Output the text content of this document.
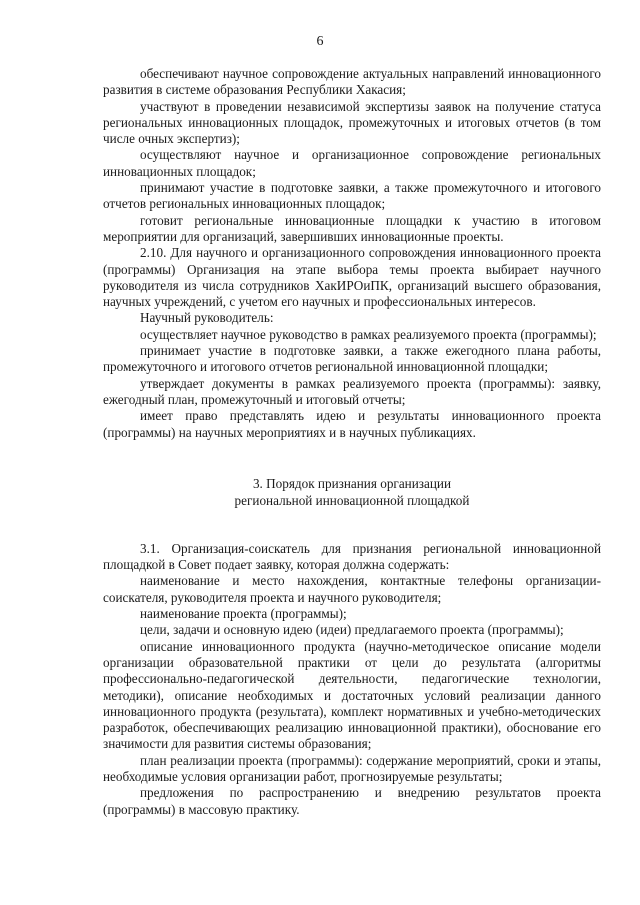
6

обеспечивают научное сопровождение актуальных направлений инновационного развития в системе образования Республики Хакасия;

участвуют в проведении независимой экспертизы заявок на получение статуса региональных инновационных площадок, промежуточных и итоговых отчетов (в том числе очных экспертиз);

осуществляют научное и организационное сопровождение региональных инновационных площадок;

принимают участие в подготовке заявки, а также промежуточного и итогового отчетов региональных инновационных площадок;

готовит региональные инновационные площадки к участию в итоговом мероприятии для организаций, завершивших инновационные проекты.

2.10. Для научного и организационного сопровождения инновационного проекта (программы) Организация на этапе выбора темы проекта выбирает научного руководителя из числа сотрудников ХакИРОиПК, организаций высшего образования, научных учреждений, с учетом его научных и профессиональных интересов.

Научный руководитель:

осуществляет научное руководство в рамках реализуемого проекта (программы);

принимает участие в подготовке заявки, а также ежегодного плана работы, промежуточного и итогового отчетов региональной инновационной площадки;

утверждает документы в рамках реализуемого проекта (программы): заявку, ежегодный план, промежуточный и итоговый отчеты;

имеет право представлять идею и результаты инновационного проекта (программы) на научных мероприятиях и в научных публикациях.

3. Порядок признания организации
региональной инновационной площадкой

3.1. Организация-соискатель для признания региональной инновационной площадкой в Совет подает заявку, которая должна содержать:

наименование и место нахождения, контактные телефоны организации-соискателя, руководителя проекта и научного руководителя;

наименование проекта (программы);

цели, задачи и основную идею (идеи) предлагаемого проекта (программы);

описание инновационного продукта (научно-методическое описание модели организации образовательной практики от цели до результата (алгоритмы профессионально-педагогической деятельности, педагогические технологии, методики), описание необходимых и достаточных условий реализации данного инновационного продукта (результата), комплект нормативных и учебно-методических разработок, обеспечивающих реализацию инновационной практики), обоснование его значимости для развития системы образования;

план реализации проекта (программы): содержание мероприятий, сроки и этапы, необходимые условия организации работ, прогнозируемые результаты;

предложения по распространению и внедрению результатов проекта (программы) в массовую практику.
